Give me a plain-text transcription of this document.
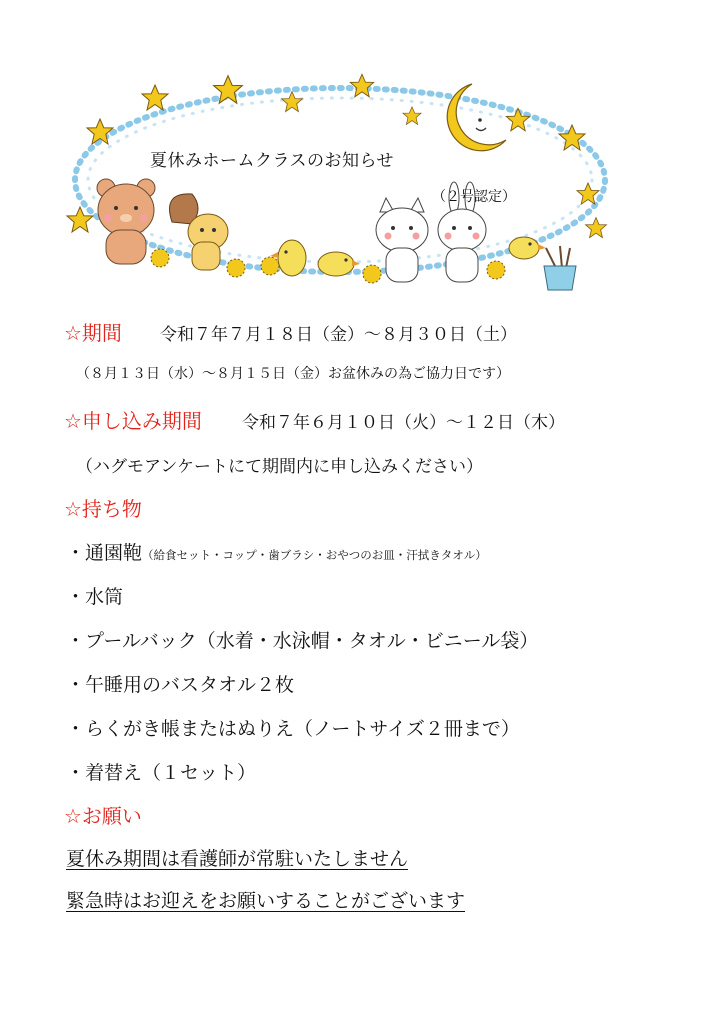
夏休みホームクラスのお知らせ
（２号認定）
☆期間 令和７年７月１８日（金）〜８月３０日（土）
（８月１３日（水）〜８月１５日（金）お盆休みの為ご協力日です）
☆申し込み期間 令和７年６月１０日（火）〜１２日（木）
（ハグモアンケートにて期間内に申し込みください）
☆持ち物
・通園鞄（給食セット・コップ・歯ブラシ・おやつのお皿・汗拭きタオル）
・水筒
・プールバック（水着・水泳帽・タオル・ビニール袋）
・午睡用のバスタオル２枚
・らくがき帳またはぬりえ（ノートサイズ２冊まで）
・着替え（１セット）
☆お願い
夏休み期間は看護師が常駐いたしません
緊急時はお迎えをお願いすることがございます
